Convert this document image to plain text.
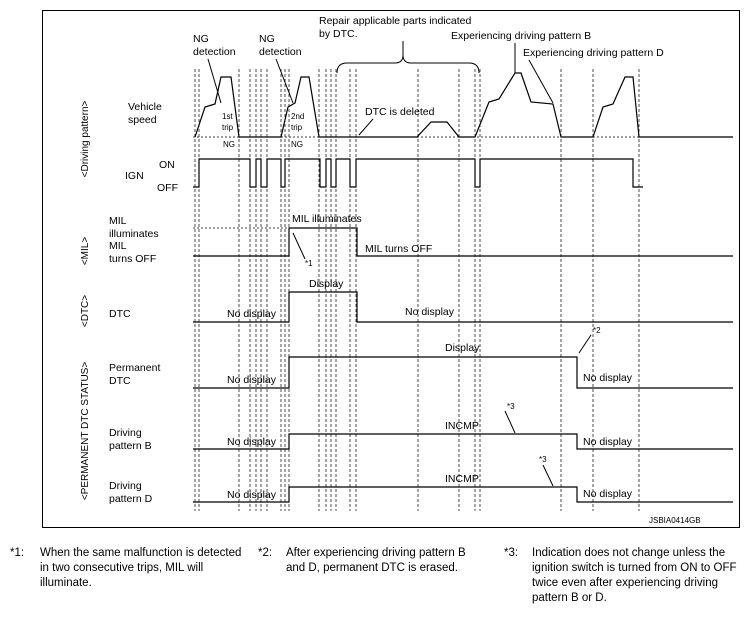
<Driving pattern>
<MIL>
<DTC>
<PERMANENT DTC STATUS>
Vehicle
speed
ON
IGN
OFF
MIL
illuminates
MIL
turns OFF
DTC
Permanent
DTC
Driving
pattern B
Driving
pattern D
NG
detection
NG
detection
Repair applicable parts indicated
by DTC.	Experiencing driving pattern B
Experiencing driving pattern D
1st
trip
NG
2nd
trip
NG
DTC is deleted
MIL illuminates
MIL turns OFF
*1
*2
*3
*3
Display
No display	No display
No display
Display
No display
No display
INCMP
No display
No display
INCMP
No display
JSBIA0414GB
*1: When the same malfunction is detected in two consecutive trips, MIL will illuminate.
*2: After experiencing driving pattern B and D, permanent DTC is erased.
*3: Indication does not change unless the ignition switch is turned from ON to OFF twice even after experiencing driving pattern B or D.
